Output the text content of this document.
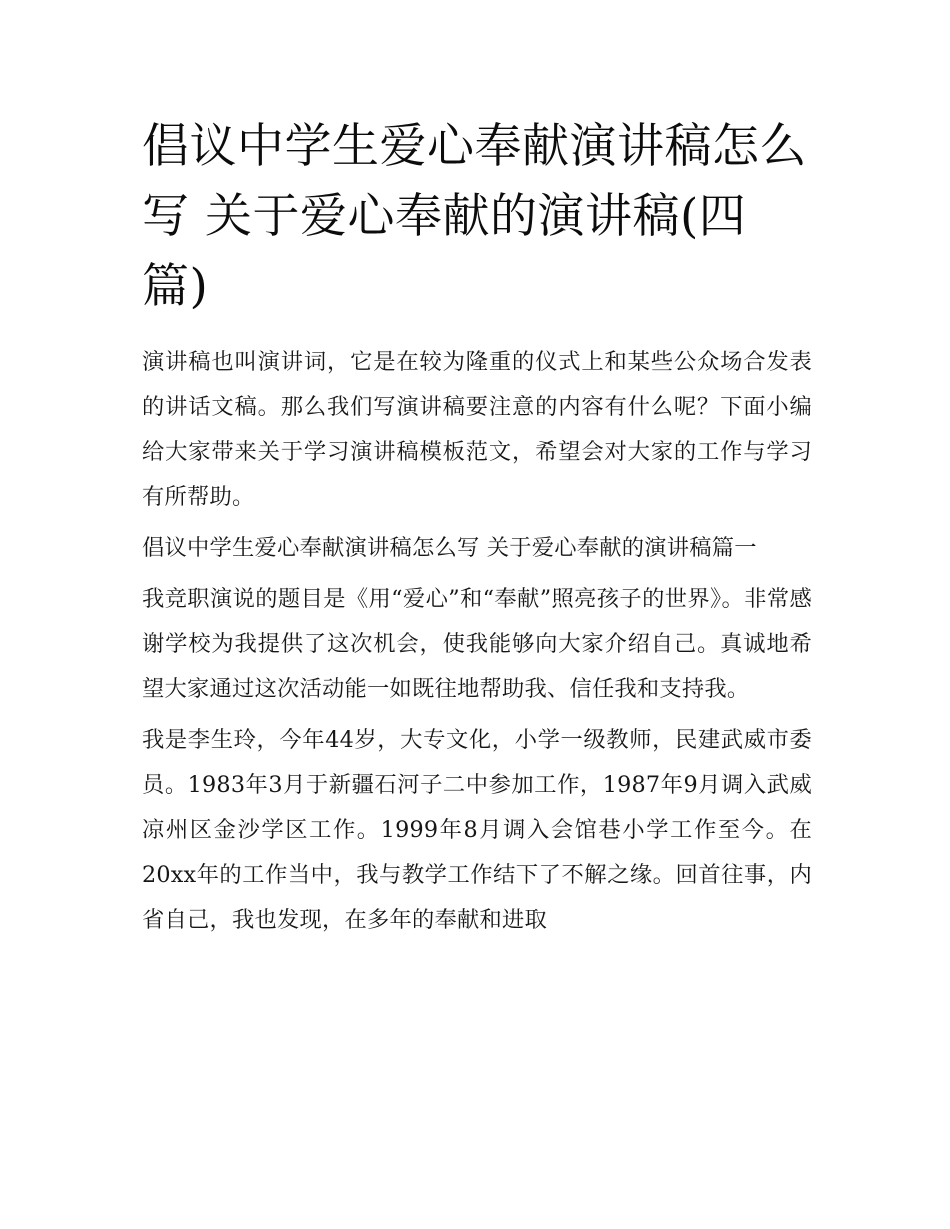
倡议中学生爱心奉献演讲稿怎么写 关于爱心奉献的演讲稿(四篇)

演讲稿也叫演讲词，它是在较为隆重的仪式上和某些公众场合发表的讲话文稿。那么我们写演讲稿要注意的内容有什么呢？下面小编给大家带来关于学习演讲稿模板范文，希望会对大家的工作与学习有所帮助。

倡议中学生爱心奉献演讲稿怎么写 关于爱心奉献的演讲稿篇一

我竞职演说的题目是《用“爱心”和“奉献”照亮孩子的世界》。非常感谢学校为我提供了这次机会，使我能够向大家介绍自己。真诚地希望大家通过这次活动能一如既往地帮助我、信任我和支持我。

我是李生玲，今年44岁，大专文化，小学一级教师，民建武威市委员。1983年3月于新疆石河子二中参加工作，1987年9月调入武威凉州区金沙学区工作。1999年8月调入会馆巷小学工作至今。在20xx年的工作当中，我与教学工作结下了不解之缘。回首往事，内省自己，我也发现，在多年的奉献和进取
